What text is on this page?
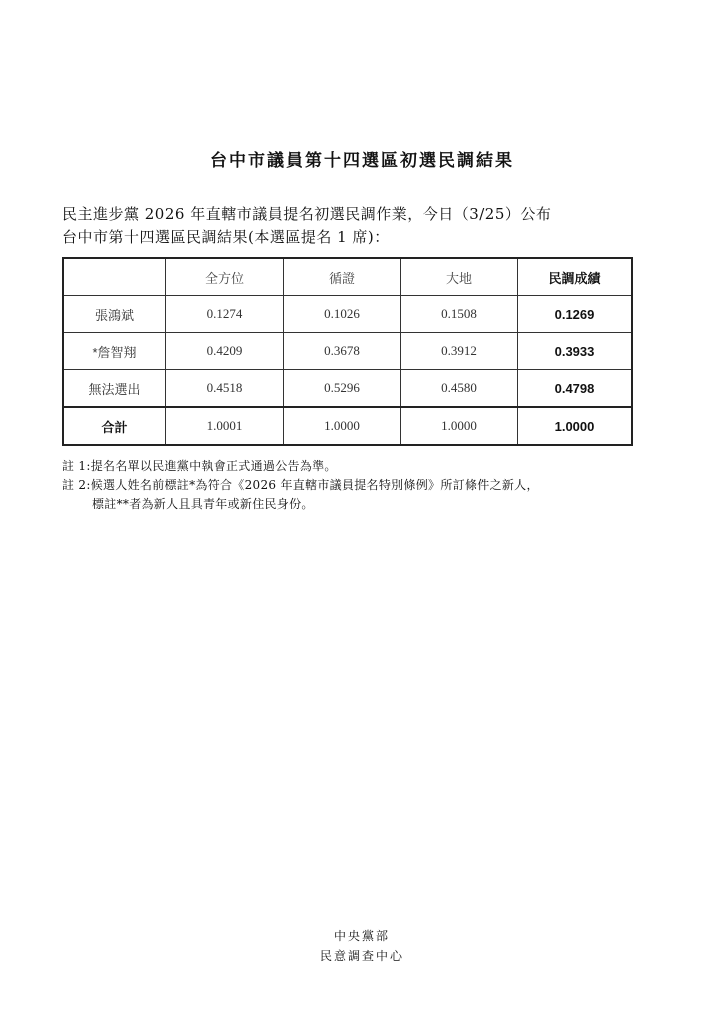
台中市議員第十四選區初選民調結果
民主進步黨 2026 年直轄市議員提名初選民調作業，今日（3/25）公布
台中市第十四選區民調結果(本選區提名 1 席)：
	全方位	循證	大地	民調成績
張鴻斌	0.1274	0.1026	0.1508	0.1269
*詹智翔	0.4209	0.3678	0.3912	0.3933
無法選出	0.4518	0.5296	0.4580	0.4798
合計	1.0001	1.0000	1.0000	1.0000
註 1:提名名單以民進黨中執會正式通過公告為準。
註 2:候選人姓名前標註*為符合《2026 年直轄市議員提名特別條例》所訂條件之新人，
標註**者為新人且具青年或新住民身份。
中央黨部
民意調查中心
